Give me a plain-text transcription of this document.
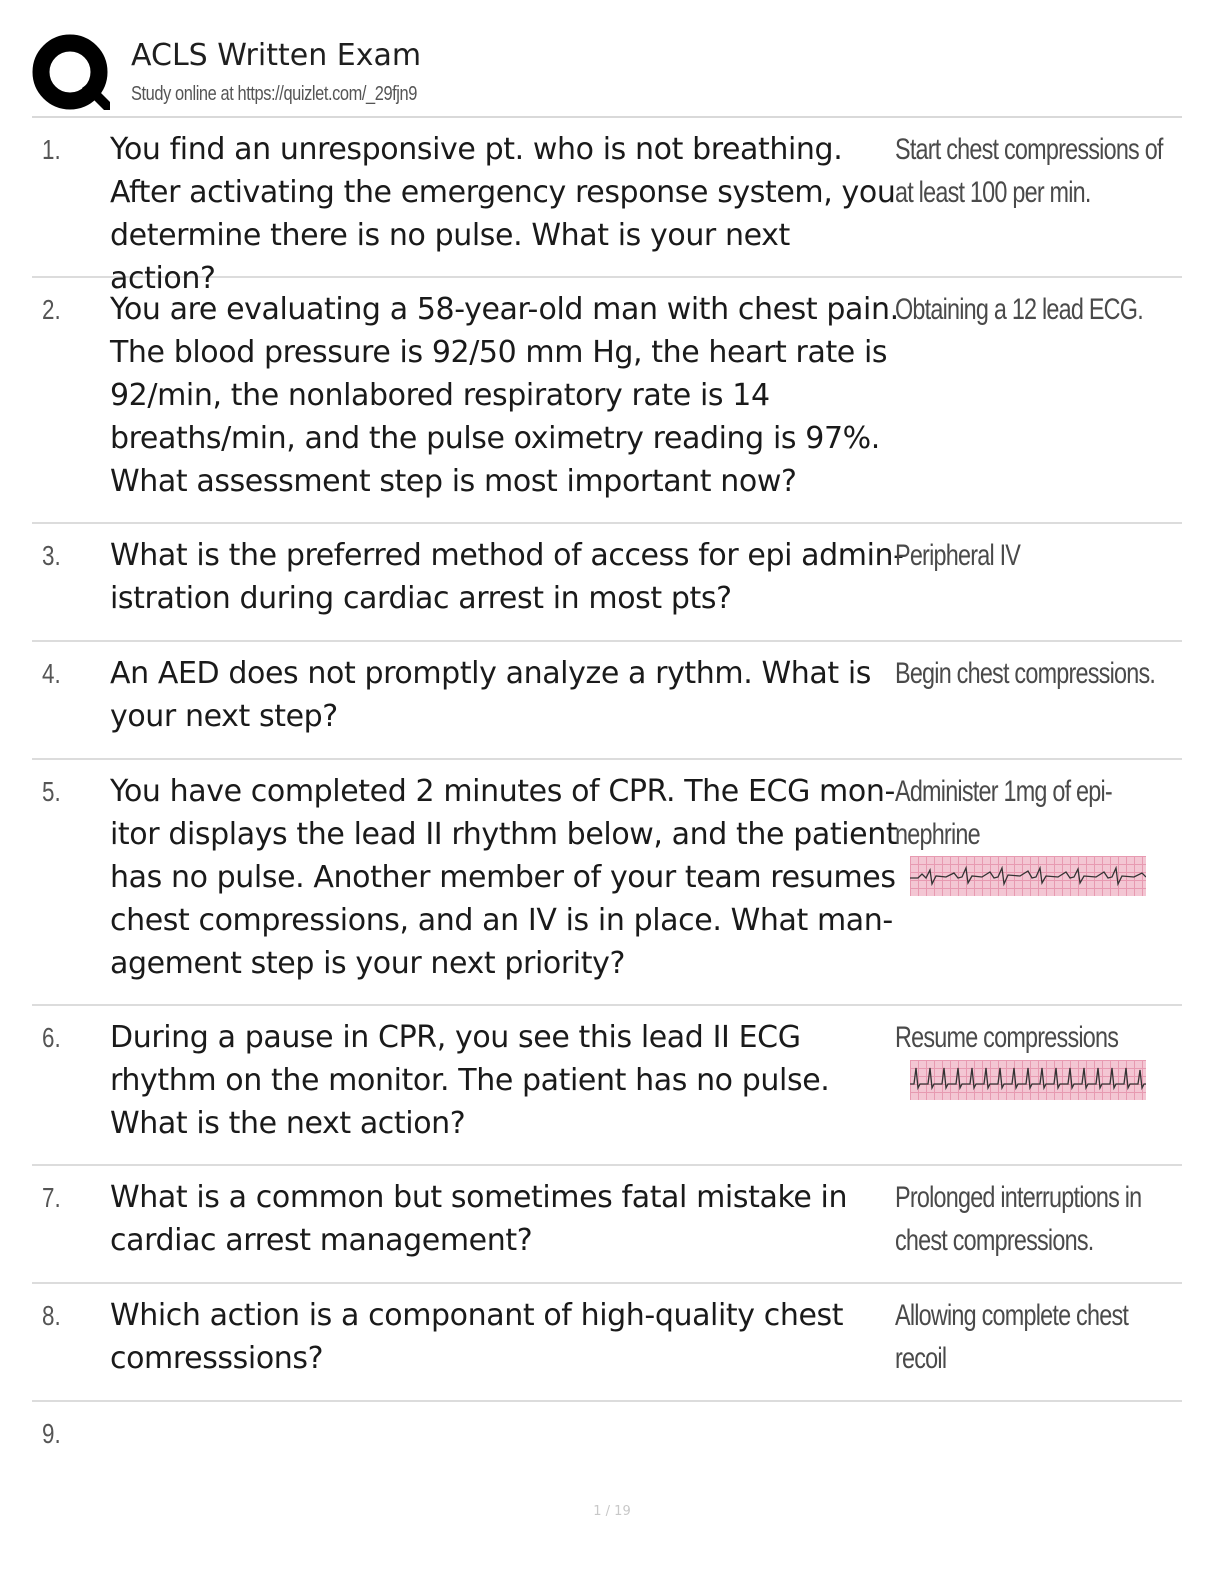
ACLS Written Exam
Study online at https://quizlet.com/_29fjn9
1. You find an unresponsive pt. who is not breathing. After activating the emergency response system, you determine there is no pulse. What is your next action?
Start chest compressions of at least 100 per min.
2. You are evaluating a 58-year-old man with chest pain. The blood pressure is 92/50 mm Hg, the heart rate is 92/min, the nonlabored respiratory rate is 14 breaths/min, and the pulse oximetry reading is 97%. What assessment step is most important now?
Obtaining a 12 lead ECG.
3. What is the preferred method of access for epi admin- istration during cardiac arrest in most pts?
Peripheral IV
4. An AED does not promptly analyze a rythm. What is your next step?
Begin chest compressions.
5. You have completed 2 minutes of CPR. The ECG mon- itor displays the lead II rhythm below, and the patient has no pulse. Another member of your team resumes chest compressions, and an IV is in place. What man- agement step is your next priority?
Administer 1mg of epi- nephrine
6. During a pause in CPR, you see this lead II ECG rhythm on the monitor. The patient has no pulse. What is the next action?
Resume compressions
7. What is a common but sometimes fatal mistake in cardiac arrest management?
Prolonged interruptions in chest compressions.
8. Which action is a componant of high-quality chest comresssions?
Allowing complete chest recoil
9.
1 / 19
